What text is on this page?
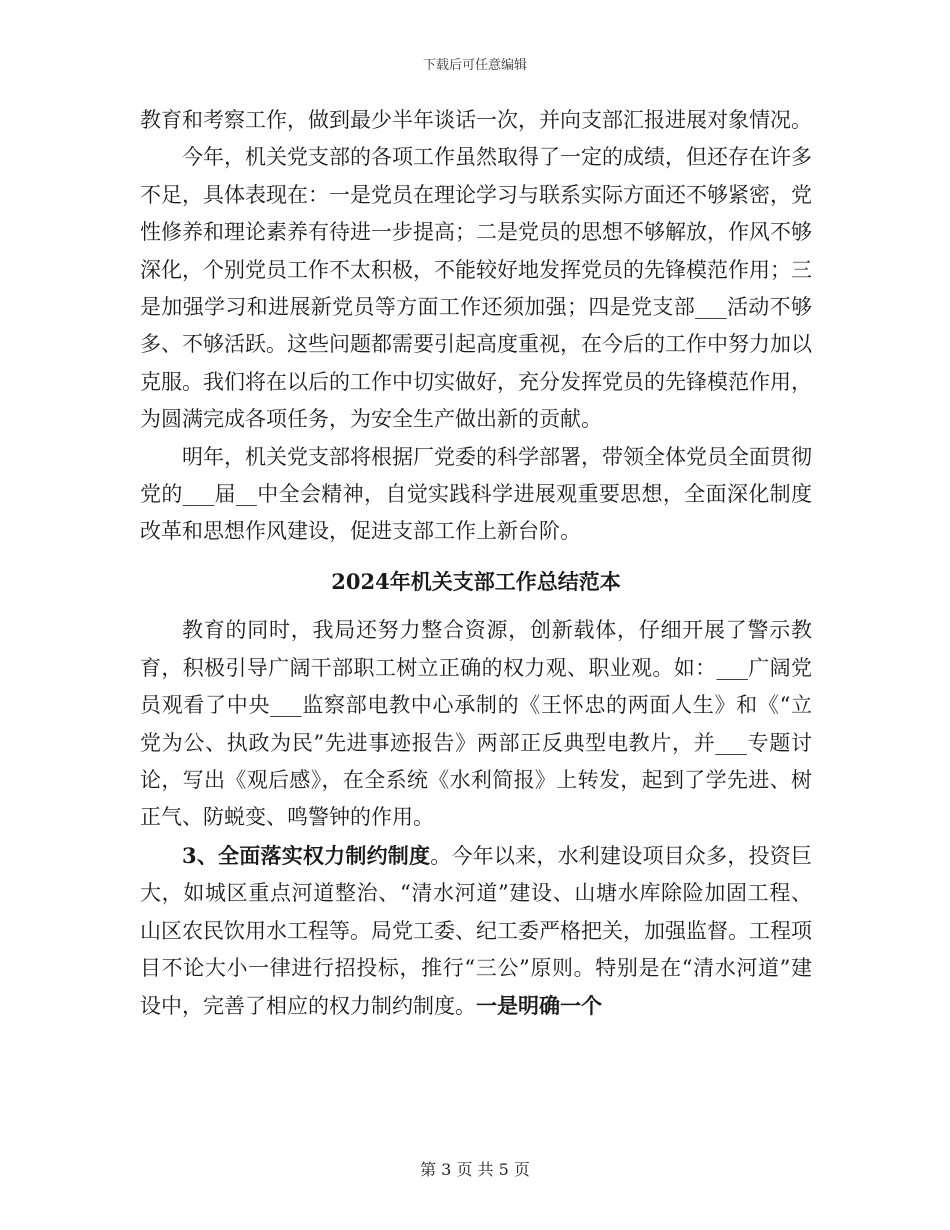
下载后可任意编辑

教育和考察工作，做到最少半年谈话一次，并向支部汇报进展对象情况。

今年，机关党支部的各项工作虽然取得了一定的成绩，但还存在许多不足，具体表现在：一是党员在理论学习与联系实际方面还不够紧密，党性修养和理论素养有待进一步提高；二是党员的思想不够解放，作风不够深化，个别党员工作不太积极，不能较好地发挥党员的先锋模范作用；三是加强学习和进展新党员等方面工作还须加强；四是党支部___活动不够多、不够活跃。这些问题都需要引起高度重视，在今后的工作中努力加以克服。我们将在以后的工作中切实做好，充分发挥党员的先锋模范作用，为圆满完成各项任务，为安全生产做出新的贡献。

明年，机关党支部将根据厂党委的科学部署，带领全体党员全面贯彻党的___届__中全会精神，自觉实践科学进展观重要思想，全面深化制度改革和思想作风建设，促进支部工作上新台阶。

2024年机关支部工作总结范本

教育的同时，我局还努力整合资源，创新载体，仔细开展了警示教育，积极引导广阔干部职工树立正确的权力观、职业观。如：___广阔党员观看了中央___监察部电教中心承制的《王怀忠的两面人生》和《“立党为公、执政为民”先进事迹报告》两部正反典型电教片，并___专题讨论，写出《观后感》，在全系统《水利简报》上转发，起到了学先进、树正气、防蜕变、鸣警钟的作用。

3、全面落实权力制约制度。今年以来，水利建设项目众多，投资巨大，如城区重点河道整治、“清水河道”建设、山塘水库除险加固工程、山区农民饮用水工程等。局党工委、纪工委严格把关，加强监督。工程项目不论大小一律进行招投标，推行“三公”原则。特别是在“清水河道”建设中，完善了相应的权力制约制度。一是明确一个

第 3 页 共 5 页
